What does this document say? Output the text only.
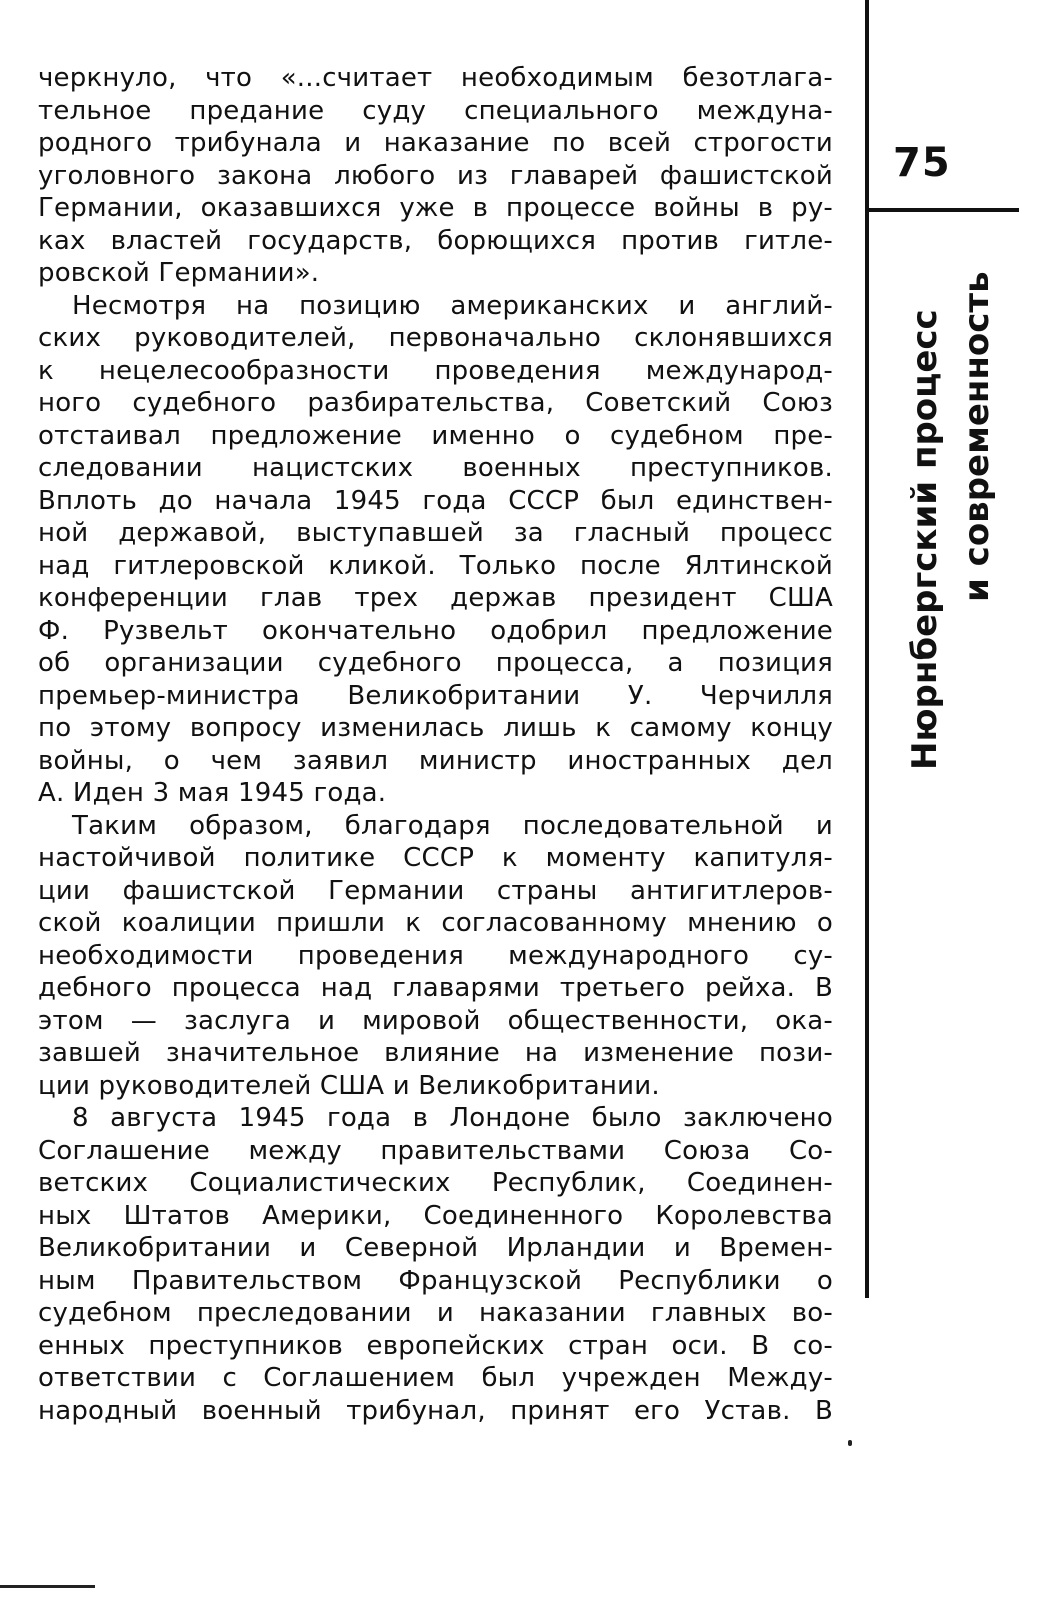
черкнуло, что «...считает необходимым безотлага-
тельное предание суду специального междуна-
родного трибунала и наказание по всей строгости
уголовного закона любого из главарей фашистской
Германии, оказавшихся уже в процессе войны в ру-
ках властей государств, борющихся против гитле-
ровской Германии».
Несмотря на позицию американских и англий-
ских руководителей, первоначально склонявшихся
к нецелесообразности проведения международ-
ного судебного разбирательства, Советский Союз
отстаивал предложение именно о судебном пре-
следовании нацистских военных преступников.
Вплоть до начала 1945 года СССР был единствен-
ной державой, выступавшей за гласный процесс
над гитлеровской кликой. Только после Ялтинской
конференции глав трех держав президент США
Ф. Рузвельт окончательно одобрил предложение
об организации судебного процесса, а позиция
премьер-министра Великобритании У. Черчилля
по этому вопросу изменилась лишь к самому концу
войны, о чем заявил министр иностранных дел
А. Иден 3 мая 1945 года.
Таким образом, благодаря последовательной и
настойчивой политике СССР к моменту капитуля-
ции фашистской Германии страны антигитлеров-
ской коалиции пришли к согласованному мнению о
необходимости проведения международного су-
дебного процесса над главарями третьего рейха. В
этом — заслуга и мировой общественности, ока-
завшей значительное влияние на изменение пози-
ции руководителей США и Великобритании.
8 августа 1945 года в Лондоне было заключено
Соглашение между правительствами Союза Со-
ветских Социалистических Республик, Соединен-
ных Штатов Америки, Соединенного Королевства
Великобритании и Северной Ирландии и Времен-
ным Правительством Французской Республики о
судебном преследовании и наказании главных во-
енных преступников европейских стран оси. В со-
ответствии с Соглашением был учрежден Между-
народный военный трибунал, принят его Устав. В
75
Нюрнбергский процесс и современность
